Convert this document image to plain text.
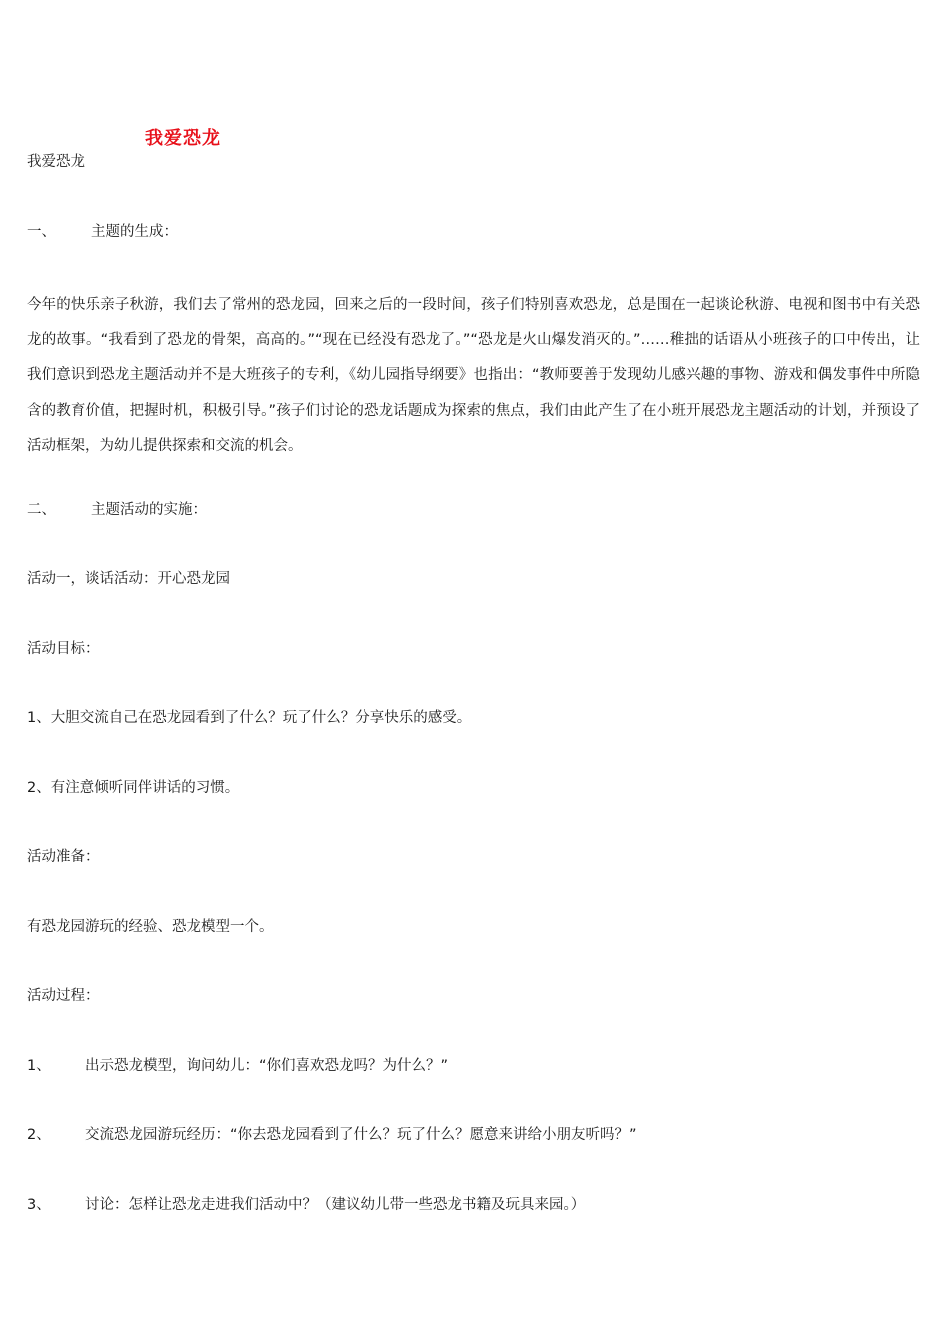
我爱恐龙
我爱恐龙
一、 主题的生成：
今年的快乐亲子秋游，我们去了常州的恐龙园，回来之后的一段时间，孩子们特别喜欢恐龙，总是围在一起谈论秋游、电视和图书中有关恐龙的故事。“我看到了恐龙的骨架，高高的。”“现在已经没有恐龙了。”“恐龙是火山爆发消灭的。”……稚拙的话语从小班孩子的口中传出，让我们意识到恐龙主题活动并不是大班孩子的专利，《幼儿园指导纲要》也指出：“教师要善于发现幼儿感兴趣的事物、游戏和偶发事件中所隐含的教育价值，把握时机，积极引导。”孩子们讨论的恐龙话题成为探索的焦点，我们由此产生了在小班开展恐龙主题活动的计划，并预设了活动框架，为幼儿提供探索和交流的机会。
二、 主题活动的实施：
活动一，谈话活动：开心恐龙园
活动目标：
1、大胆交流自己在恐龙园看到了什么？玩了什么？分享快乐的感受。
2、有注意倾听同伴讲话的习惯。
活动准备：
有恐龙园游玩的经验、恐龙模型一个。
活动过程：
1、 出示恐龙模型，询问幼儿：“你们喜欢恐龙吗？为什么？”
2、 交流恐龙园游玩经历：“你去恐龙园看到了什么？玩了什么？愿意来讲给小朋友听吗？”
3、 讨论：怎样让恐龙走进我们活动中？（建议幼儿带一些恐龙书籍及玩具来园。）
